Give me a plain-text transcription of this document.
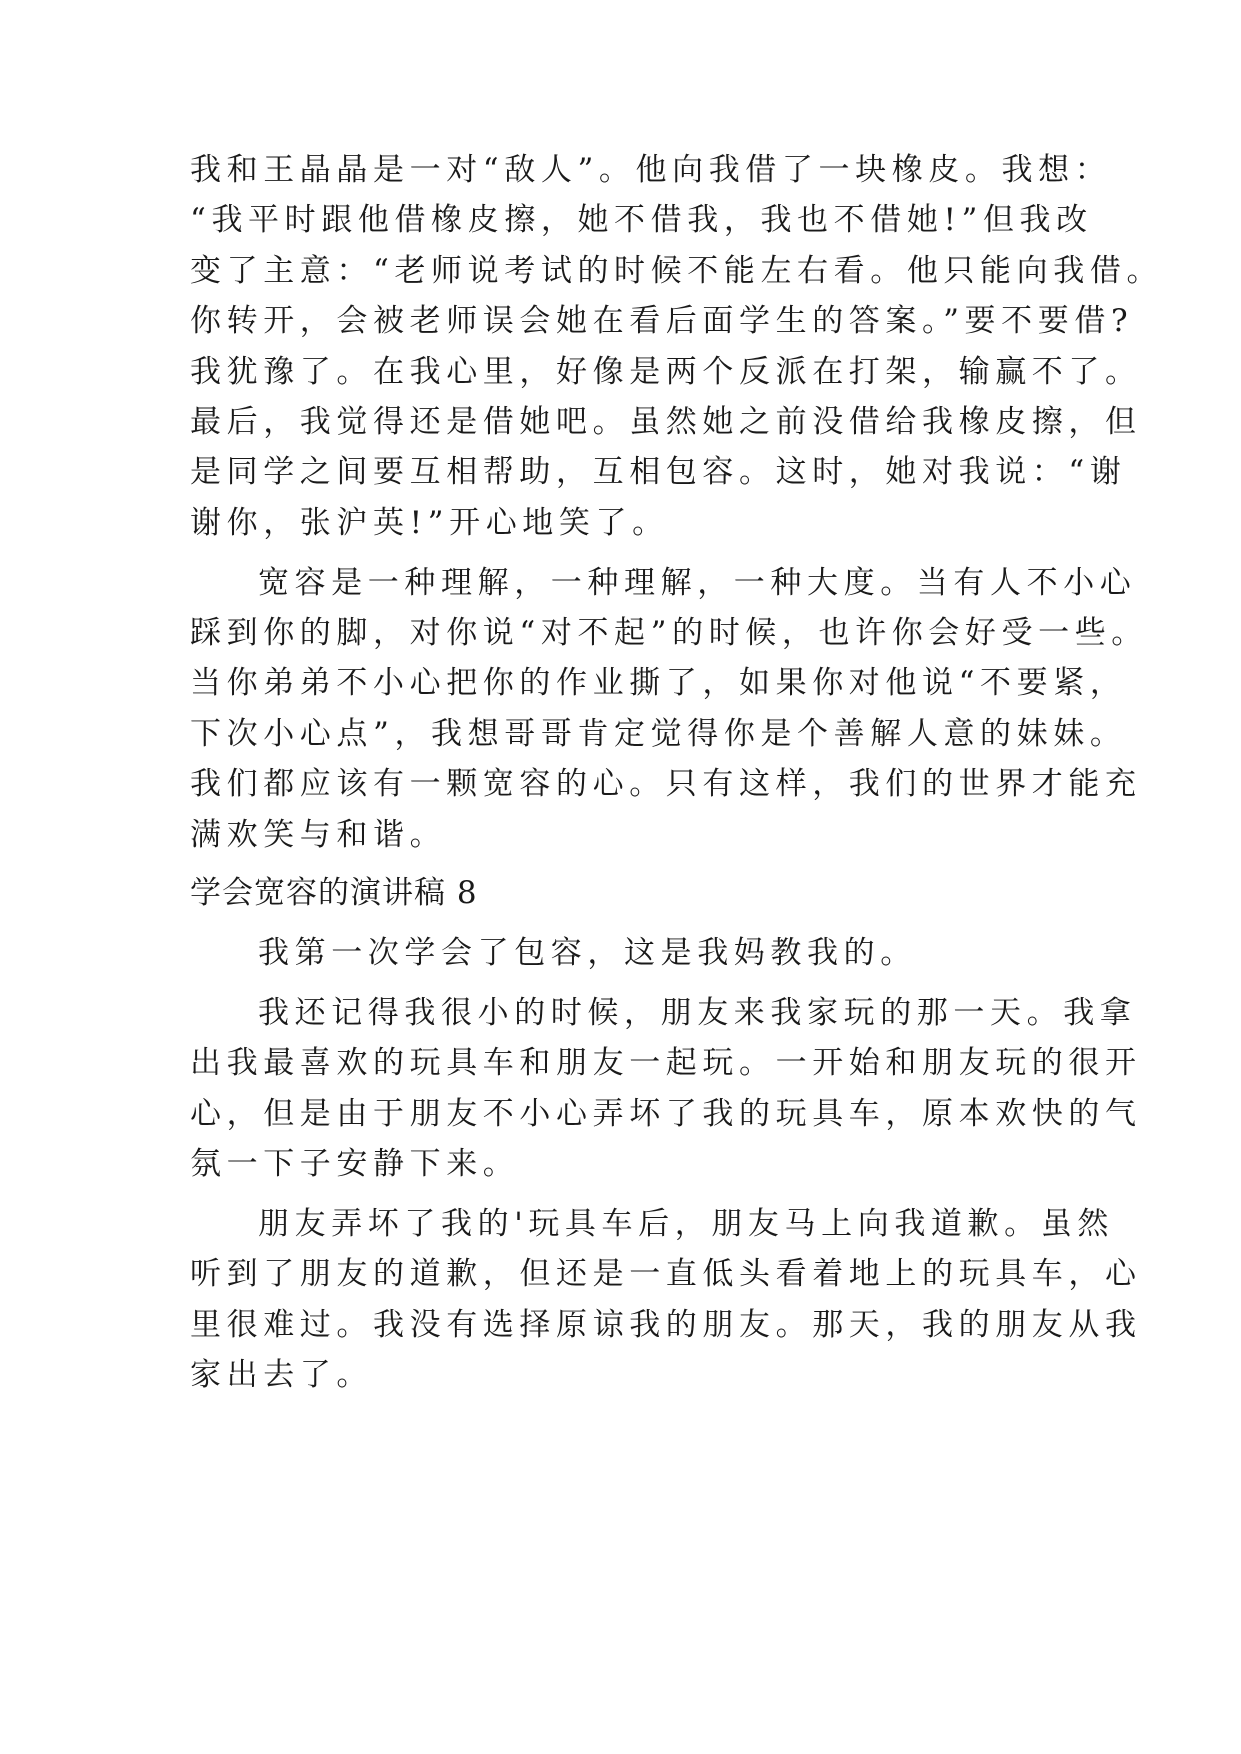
我和王晶晶是一对“敌人”。他向我借了一块橡皮。我想：
“我平时跟他借橡皮擦，她不借我，我也不借她!”但我改
变了主意：“老师说考试的时候不能左右看。他只能向我借。
你转开，会被老师误会她在看后面学生的答案。”要不要借?
我犹豫了。在我心里，好像是两个反派在打架，输赢不了。
最后，我觉得还是借她吧。虽然她之前没借给我橡皮擦，但
是同学之间要互相帮助，互相包容。这时，她对我说：“谢
谢你，张沪英!”开心地笑了。
宽容是一种理解，一种理解，一种大度。当有人不小心
踩到你的脚，对你说“对不起”的时候，也许你会好受一些。
当你弟弟不小心把你的作业撕了，如果你对他说“不要紧，
下次小心点”，我想哥哥肯定觉得你是个善解人意的妹妹。
我们都应该有一颗宽容的心。只有这样，我们的世界才能充
满欢笑与和谐。
学会宽容的演讲稿 8
我第一次学会了包容，这是我妈教我的。
我还记得我很小的时候，朋友来我家玩的那一天。我拿
出我最喜欢的玩具车和朋友一起玩。一开始和朋友玩的很开
心，但是由于朋友不小心弄坏了我的玩具车，原本欢快的气
氛一下子安静下来。
朋友弄坏了我的'玩具车后，朋友马上向我道歉。虽然
听到了朋友的道歉，但还是一直低头看着地上的玩具车，心
里很难过。我没有选择原谅我的朋友。那天，我的朋友从我
家出去了。
